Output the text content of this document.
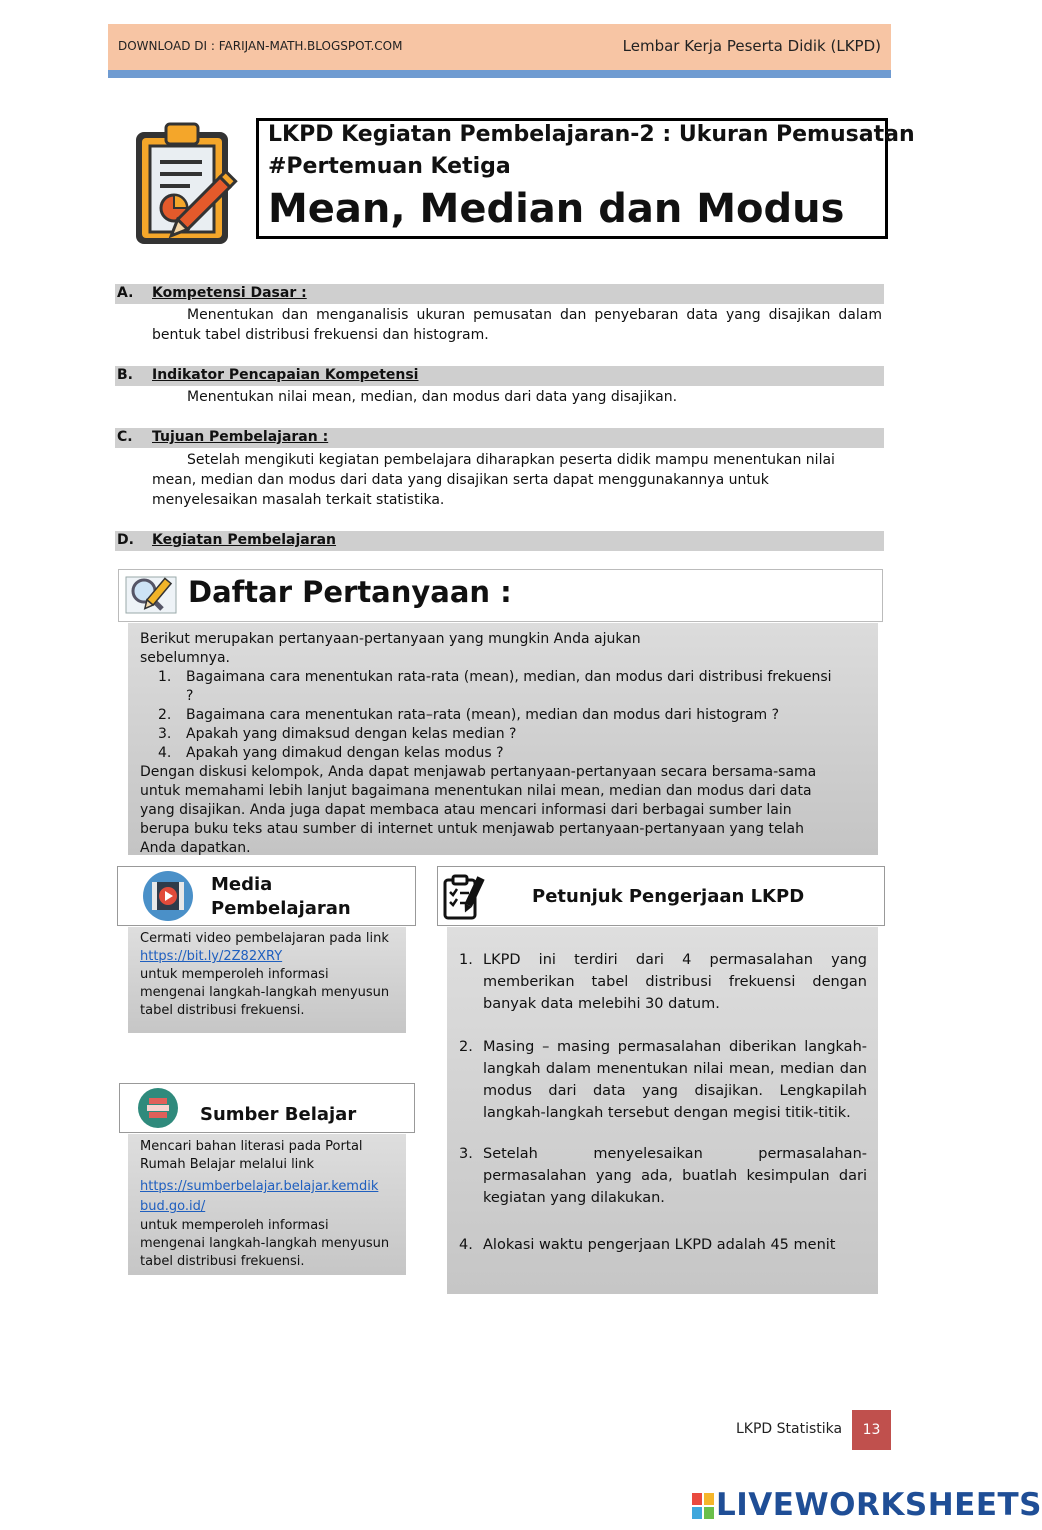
DOWNLOAD DI : FARIJAN-MATH.BLOGSPOT.COM	Lembar Kerja Peserta Didik (LKPD)
LKPD Kegiatan Pembelajaran-2 : Ukuran Pemusatan
#Pertemuan Ketiga
Mean, Median dan Modus
A. Kompetensi Dasar :
Menentukan dan menganalisis ukuran pemusatan dan penyebaran data yang disajikan dalam bentuk tabel distribusi frekuensi dan histogram.
B. Indikator Pencapaian Kompetensi
Menentukan nilai mean, median, dan modus dari data yang disajikan.
C. Tujuan Pembelajaran :
Setelah mengikuti kegiatan pembelajara diharapkan peserta didik mampu menentukan nilai
mean, median dan modus dari data yang disajikan serta dapat menggunakannya untuk
menyelesaikan masalah terkait statistika.
D. Kegiatan Pembelajaran
Daftar Pertanyaan :
Berikut merupakan pertanyaan-pertanyaan yang mungkin Anda ajukan
sebelumnya.
1. Bagaimana cara menentukan rata-rata (mean), median, dan modus dari distribusi frekuensi
?
2. Bagaimana cara menentukan rata–rata (mean), median dan modus dari histogram ?
3. Apakah yang dimaksud dengan kelas median ?
4. Apakah yang dimakud dengan kelas modus ?
Dengan diskusi kelompok, Anda dapat menjawab pertanyaan-pertanyaan secara bersama-sama
untuk memahami lebih lanjut bagaimana menentukan nilai mean, median dan modus dari data
yang disajikan. Anda juga dapat membaca atau mencari informasi dari berbagai sumber lain
berupa buku teks atau sumber di internet untuk menjawab pertanyaan-pertanyaan yang telah
Anda dapatkan.
Media
Pembelajaran
Cermati video pembelajaran pada link
https://bit.ly/2Z82XRY
untuk memperoleh informasi
mengenai langkah-langkah menyusun
tabel distribusi frekuensi.
Sumber Belajar
Mencari bahan literasi pada Portal
Rumah Belajar melalui link
https://sumberbelajar.belajar.kemdik
bud.go.id/
untuk memperoleh informasi
mengenai langkah-langkah menyusun
tabel distribusi frekuensi.
Petunjuk Pengerjaan LKPD
1. LKPD ini terdiri dari 4 permasalahan yang memberikan tabel distribusi frekuensi dengan banyak data melebihi 30 datum.
2. Masing – masing permasalahan diberikan langkah-langkah dalam menentukan nilai mean, median dan modus dari data yang disajikan. Lengkapilah langkah-langkah tersebut dengan megisi titik-titik.
3. Setelah menyelesaikan permasalahan-permasalahan yang ada, buatlah kesimpulan dari kegiatan yang dilakukan.
4. Alokasi waktu pengerjaan LKPD adalah 45 menit
LKPD Statistika	13
LIVEWORKSHEETS
